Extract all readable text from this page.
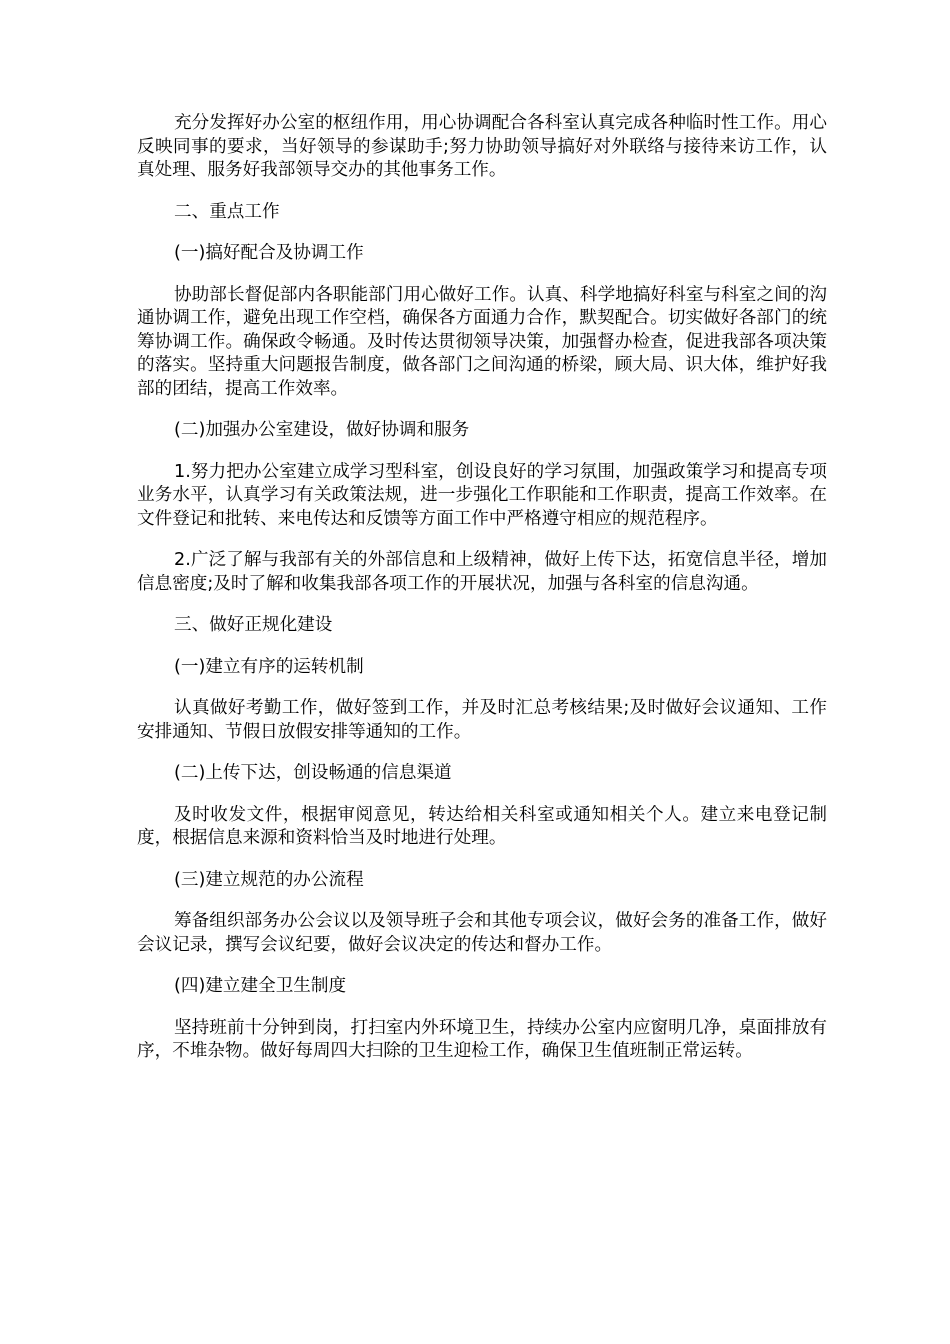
充分发挥好办公室的枢纽作用，用心协调配合各科室认真完成各种临时性工作。用心反映同事的要求，当好领导的参谋助手;努力协助领导搞好对外联络与接待来访工作，认真处理、服务好我部领导交办的其他事务工作。

二、重点工作

(一)搞好配合及协调工作

协助部长督促部内各职能部门用心做好工作。认真、科学地搞好科室与科室之间的沟通协调工作，避免出现工作空档，确保各方面通力合作，默契配合。切实做好各部门的统筹协调工作。确保政令畅通。及时传达贯彻领导决策，加强督办检查，促进我部各项决策的落实。坚持重大问题报告制度，做各部门之间沟通的桥梁，顾大局、识大体，维护好我部的团结，提高工作效率。

(二)加强办公室建设，做好协调和服务

1.努力把办公室建立成学习型科室，创设良好的学习氛围，加强政策学习和提高专项业务水平，认真学习有关政策法规，进一步强化工作职能和工作职责，提高工作效率。在文件登记和批转、来电传达和反馈等方面工作中严格遵守相应的规范程序。

2.广泛了解与我部有关的外部信息和上级精神，做好上传下达，拓宽信息半径，增加信息密度;及时了解和收集我部各项工作的开展状况，加强与各科室的信息沟通。

三、做好正规化建设

(一)建立有序的运转机制

认真做好考勤工作，做好签到工作，并及时汇总考核结果;及时做好会议通知、工作安排通知、节假日放假安排等通知的工作。

(二)上传下达，创设畅通的信息渠道

及时收发文件，根据审阅意见，转达给相关科室或通知相关个人。建立来电登记制度，根据信息来源和资料恰当及时地进行处理。

(三)建立规范的办公流程

筹备组织部务办公会议以及领导班子会和其他专项会议，做好会务的准备工作，做好会议记录，撰写会议纪要，做好会议决定的传达和督办工作。

(四)建立建全卫生制度

坚持班前十分钟到岗，打扫室内外环境卫生，持续办公室内应窗明几净，桌面排放有序，不堆杂物。做好每周四大扫除的卫生迎检工作，确保卫生值班制正常运转。
